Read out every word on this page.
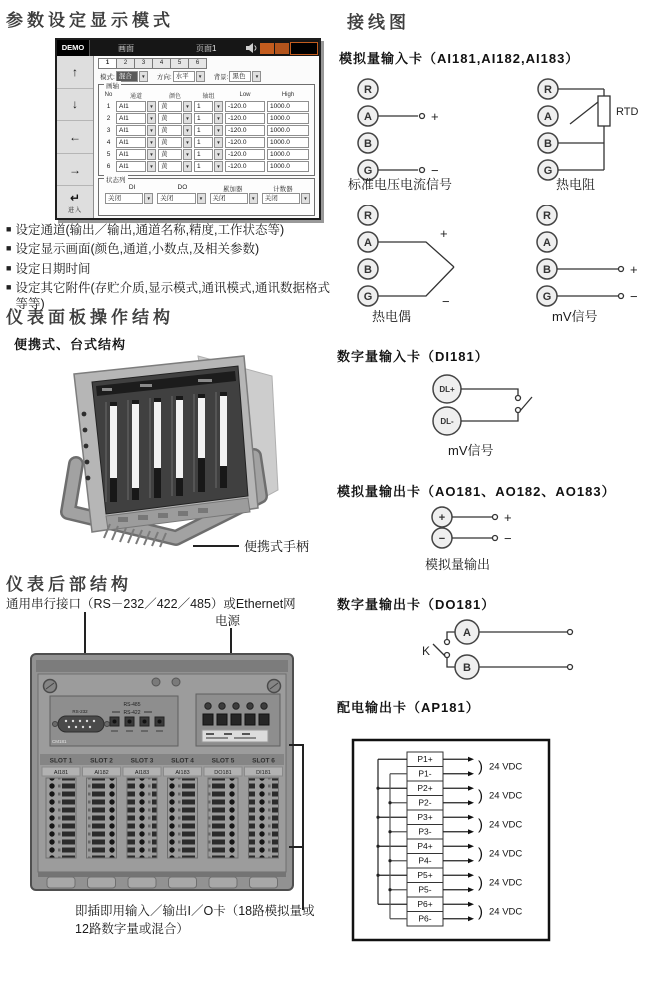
参数设定显示模式
DEMO	画面	页面1
↑
↓
←
→
↵
进入
1	2	3	4	5	6
模式: 混合	▼	方向: 水平	▼	背景: 黑色	▼
画轴
No	通道	颜色	轴组	Low	High
1	AI1	▼	黄	▼	1	▼	-120.0	1000.0
2	AI1	▼	黄	▼	1	▼	-120.0	1000.0
3	AI1	▼	黄	▼	1	▼	-120.0	1000.0
4	AI1	▼	黄	▼	1	▼	-120.0	1000.0
5	AI1	▼	黄	▼	1	▼	-120.0	1000.0
6	AI1	▼	黄	▼	1	▼	-120.0	1000.0
状态列
DI	DO	累加器	计数器
关闭	▼	关闭	▼	关闭	▼	关闭	▼
■ 设定通道(输出／输出,通道名称,精度,工作状态等)
■ 设定显示画面(颜色,通道,小数点,及相关参数)
■ 设定日期时间
■ 设定其它附件(存贮介质,显示模式,通讯模式,通讯数据格式等等)
仪表面板操作结构
便携式、台式结构
便携式手柄
仪表后部结构
通用串行接口（RS－232／422／485）或Ethernet网
电源
RS-485
RS-422
RS-232
CM181
SLOT 1	SLOT 2	SLOT 3	SLOT 4	SLOT 5	SLOT 6
AI181	AI182	AI183	AI183	DO181	DI181
即插即用输入／输出I／O卡（18路模拟量或12路数字量或混合）
接线图
模拟量输入卡（AI181,AI182,AI183）
R
A
B
G
R
A
B
G
+
−
RTD
标准电压电流信号	热电阻
R
A
B
G
R
A
B
G
+
−
+
−
热电偶	mV信号
数字量输入卡（DI181）
DL+
DL-
mV信号
模拟量输出卡（AO181、AO182、AO183）
+
−
+
−
模拟量输出
数字量输出卡（DO181）
A
B
K
配电输出卡（AP181）
P1+
P1-
P2+
P2-
P3+
P3-
P4+
P4-
P5+
P5-
P6+
P6-
)
)
)
)
)
)
24 VDC
24 VDC
24 VDC
24 VDC
24 VDC
24 VDC
